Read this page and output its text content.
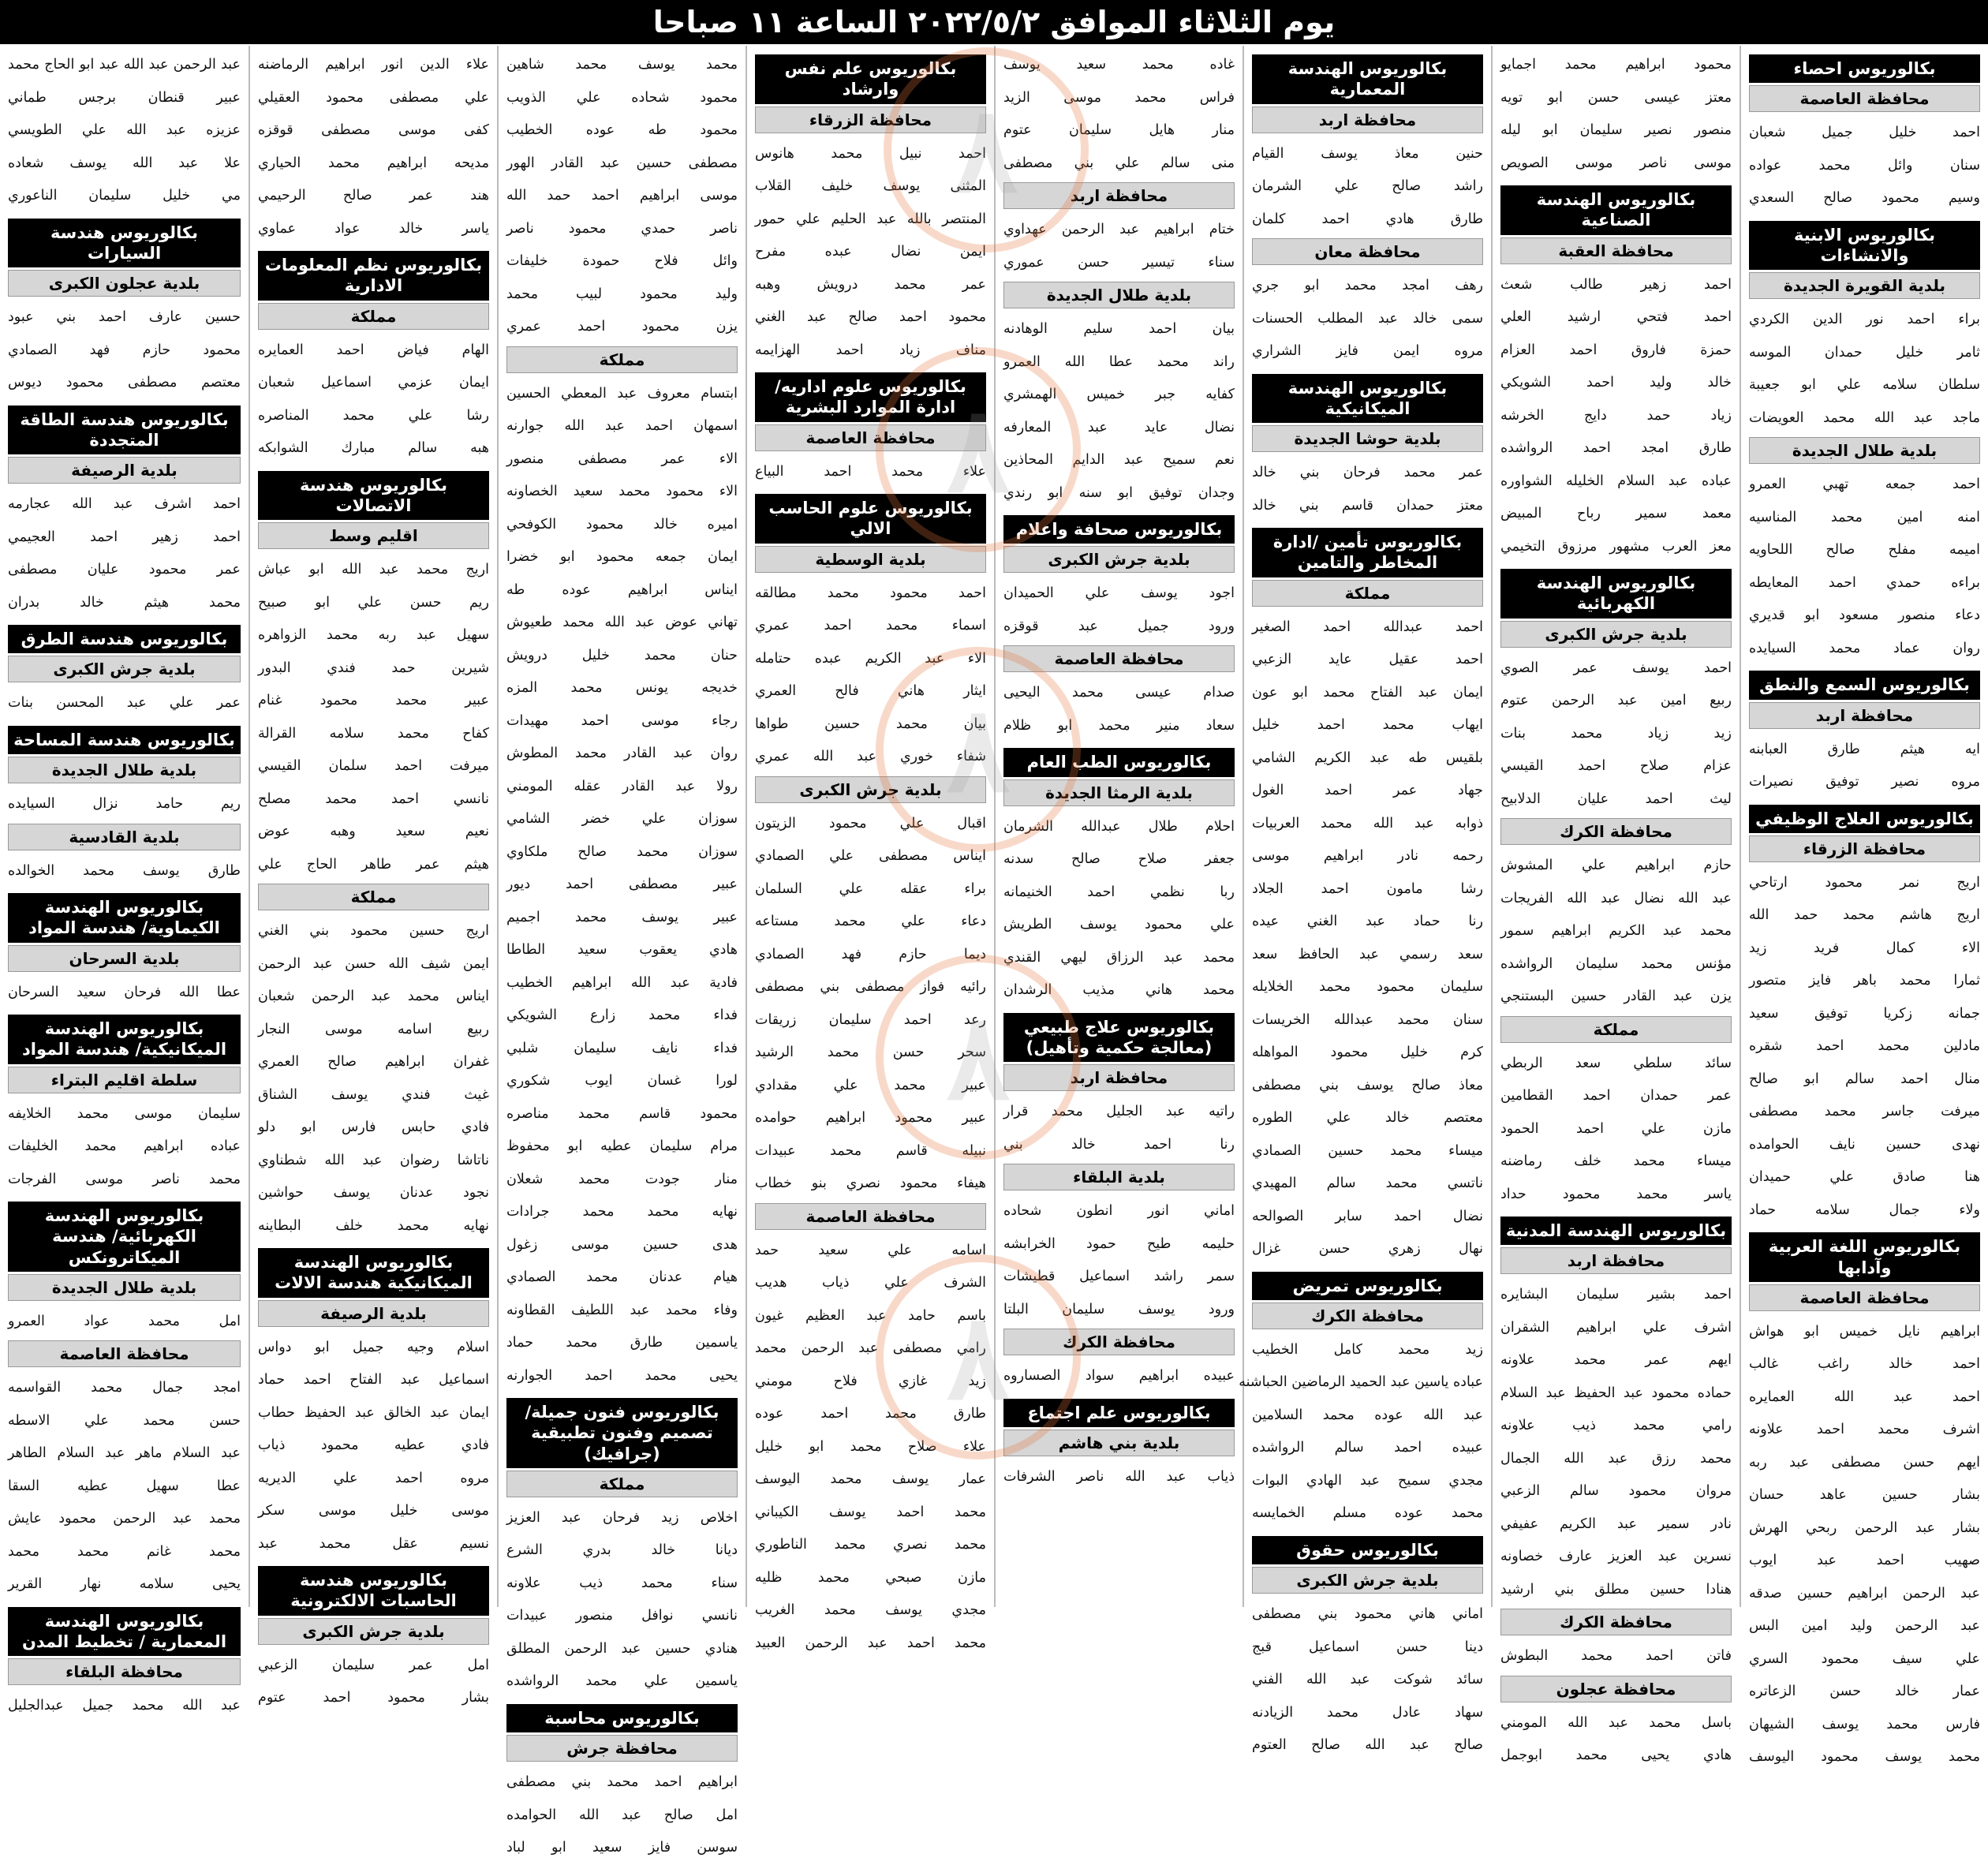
يوم الثلاثاء الموافق ٢٠٢٢/٥/٢ الساعة ١١ صباحا
بكالوريوس احصاء
محافظة العاصمة
احمد خليل جميل شعبان
سنان وائل محمد عواده
وسيم محمود صالح السعدي
بكالوريوس الابنية والانشاءات
بلدية القويرة الجديدة
براء احمد نور الدين الكردي
ثامر خليل حمدان الموسه
سلطان سلامه علي ابو جعيبة
ماجد عبد الله محمد العويضات
بلدية طلال الجديدة
احمد جمعه تهبي العمرو
امنه امين محمد المناسيه
اميمه مفلح صالح اللحاويه
براءه حمدي احمد المعايطه
دعاء منصور مسعود ابو قديري
روان عماد محمد السيايده
بكالوريوس السمع والنطق
محافظة اربد
ايه هيثم طارق العبابنه
مروه نصير توفيق نصيرات
بكالوريوس العلاج الوظيفي
محافظة الزرقاء
اريج نمر محمود ارتاحي
اريج هاشم محمد حمد الله
الاء كمال فريد زيد
ثمارا محمد باهر فايز متصور
جمانه زكريا توفيق سعيد
مادلين محمد احمد شقره
منال احمد سالم ابو صالح
ميرفت جاسر محمد مصطفى
نهدى حسين نايف الحوامده
هنا صادق علي حميدان
ولاء جمال سلامه حماد
بكالوريوس اللغة العربية وآدابها
محافظة العاصمة
ابراهيم نايل خميس ابو هواش
احمد خالد راغب غالب
احمد عبد الله العمايره
اشرف محمد احمد علاونه
ايهم حسن مصطفى عبد ربه
بشار حسين عاهد حسان
بشار عبد الرحمن ربحي الهرش
صهيب احمد عبد ايوب
عبد الرحمن ابراهيم حسين صدقه
عبد الرحمن وليد امين البس
علي سيف محمود السري
عمار خالد حسن الزعاتره
فارس محمد يوسف الشيهان
محمد يوسف محمود اليوسف
محمود ابراهيم محمد اجمايو
معتز عيسى حسن ابو تويه
منصور نصير سليمان ابو ليله
موسى ناصر موسى الصويص
بكالوريوس الهندسة الصناعية
محافظة العقبة
احمد زهير طالب شعث
احمد فتحي ارشيد العلي
حمزة فاروق احمد العزام
خالد وليد احمد الشويكي
زياد حمد دايج الخرشه
طارق امجد احمد الرواشده
عباده عبد السلام الخليله الشواوره
معمد سمير رباح المبيض
معز العرب مشهور مرزوق التخيمي
بكالوريوس الهندسة الكهربائية
بلدية جرش الكبرى
احمد يوسف عمر الصوي
ربيع امين عبد الرحمن عتوم
زيد زياد محمد بنات
عزام صلاح احمد القيسي
ليث احمد عليان الدلابيح
محافظة الكرك
حازم ابراهيم علي المشوش
عبد الله نضال عبد الله الفريجات
محمد عبد الكريم ابراهيم سمور
مؤنس محمد سليمان الرواشده
يزن عبد القادر حسين البستنجي
مملكة
سائد سلطي سعد الربطي
عمر حمدان احمد القطامين
مازن علي احمد الحمود
ميساء محمد خلف رماضنه
ياسر محمد محمود حداد
بكالوريوس الهندسة المدنية
محافظة اربد
احمد بشير سليمان البشايره
اشرف علي ابراهيم الشقران
ايهم عمر محمد علاونه
حماده محمود عبد الحفيظ عبد السلام
رامي محمد ذيب علاونه
محمد رزق عبد الله الجمال
مروان محمود سالم الزعبي
نادر سمير عبد الكريم عفيفي
نسرين عبد العزيز عارف خصاونه
هنادا حسين مطلق بني ارشيد
محافظة الكرك
فاتن احمد محمد البطوش
محافظة عجلون
باسل محمد عبد الله المومني
هادي يحيى محمد ابوجمل
بكالوريوس الهندسة المعمارية
محافظة اربد
حنين معاذ يوسف القيام
راشد صالح علي الشرمان
طارق هادي احمد كلمان
محافظة معان
رهف امجد محمد ابو جري
سمى خالد عبد المطلب الحسنات
مروه ايمن فايز الشراري
بكالوريوس الهندسة الميكانيكية
بلدية حوشا الجديدة
عمر محمد فرحان بني خالد
معتز حمدان قاسم بني خالد
بكالوريوس تأمين /ادارة المخاطر والتامين
مملكة
احمد عبدالله احمد الصغير
احمد عقيل عايد الزعبي
ايمان عبد الفتاح محمد ابو عون
ايهاب محمد احمد خليل
بلقيس طه عبد الكريم الشامي
جهاد عمر احمد الغول
ذوابه عبد الله محمد العربيات
رحمه نادر ابراهيم موسى
رشا مامون احمد الجلاد
رنا حماد عبد الغني عيده
سعد رسمي عبد الحافظ سعد
سليمان محمود محمد الخلايله
سنان محمد عبدالله الخريسات
كرم خليل محمود المواهله
معاذ صالح يوسف بني مصطفى
معتصم خالد علي الطوره
ميساء محمد حسين الصمادي
ناتسي محمد سالم المهيدي
نضال احمد سابر الصوالحه
نهال زهري حسن غزال
بكالوريوس تمريض
محافظة الكرك
زيد محمد كامل الخطيب
عباده ياسين عبد الحميد الرماضين الحباشنه
عبد الله عوده محمد السلامين
عبيده احمد سالم الرواشده
مجدي سميح عبد الهادي البوات
محمد عوده مسلم الخمايسه
بكالوريوس حقوق
بلدية جرش الكبرى
اماني هاني محمود بني مصطفى
دينا حسن اسماعيل قبج
سائد شوكت عبد الله الفني
سهاد عادل محمد الزيادنه
صالح عبد الله صالح العتوم
غاده محمد سعيد يوسف
فراس محمد موسى الزيد
منار هايل سليمان عتوم
منى سالم علي بني مصطفى
محافظة اربد
ختام ابراهيم عبد الرحمن عهداوي
سناء تيسير حسن عموري
بلدية طلال الجديدة
بيان احمد سليم الوهادنه
راند محمد عطا الله العمرو
كفايه جبر خميس الهمشري
نضال عايد عبد المعارفه
نعم سميح عبد الدايم المحاذين
وجدان توفيق ابو سنه ابو رندي
بكالوريوس صحافة واعلام
بلدية جرش الكبرى
اجود يوسف علي الحميدان
ورود جميل عبد قوقزه
محافظة العاصمة
صدام عيسى محمد اليحيى
سعاد منير محمد ابو ظلام
بكالوريوس الطب العام
بلدية الرمثا الجديدة
احلام طلال عبدالله الشرمان
جعفر صلاح صالح سدنه
ربا نظمي احمد الخنيمانه
علي محمود يوسف الطريش
محمد عبد الرزاق ليهي القندي
محمد هاني مذيب الرشدان
بكالوريوس علاج طبيعي (معالجة حكمية وتأهيل)
محافظة اربد
راتيه عبد الجليل محمد قرار
رنا احمد خالد بني
بلدية البلقاء
اماني انور انطون شحاده
حليمه طيح حمود الخرابشه
سمر راشد اسماعيل قطيشات
ورود يوسف سليمان البلتا
محافظة الكرك
عبيده ابراهيم سواد الصساروه
بكالوريوس علم اجتماع
بلدية بني هاشم
ذياب عبد الله ناصر الشرفات
بكالوريوس علم نفس وارشاد
محافظة الزرقاء
احمد نبيل محمد هانوس
المثنى يوسف خليف القلاب
المنتصر بالله عبد الحليم علي حمور
ايمن نضال عبده مفرح
عمر محمد درويش وهبه
محمود احمد صالح عبد الغني
مناف زياد احمد الهزايمه
بكالوريوس علوم اداريه/ادارة الموارد البشرية
محافظة العاصمة
علاء محمد احمد البياع
بكالوريوس علوم الحاسب الالي
بلدية الوسطية
احمد محمود محمد مطالقه
اسماء محمد احمد عمري
الاء عبد الكريم عبده حتامله
ايثار هاني فالح العمري
بيان محمد حسين طواها
شفاء خوري عبد الله عمري
بلدية جرش الكبرى
اقبال علي محمود الزيتون
ايناس مصطفى علي الصمادي
براء عقله علي السلمان
دعاء علي محمد مستاعه
ديما حازم فهد الصمادي
رائيه فواز مصطفى بني مصطفى
رعد احمد سليمان زريقات
سحر حسن محمد الرشيد
عبير محمد علي مقدادي
عبير محمود ابراهيم حوامده
نبيله قاسم محمد عبيدات
هيفاء محمود نصري بنو خطاب
محافظة العاصمة
اسامه علي سعيد حمد
الشرف علي ذياب هديب
باسم حامد عبد العظيم غيون
رامي مصطفى عبد الرحمن محمد
زيد غازي فلاح مومني
طارق محمد احمد عوده
علاء صلاح محمد ابو خليل
عمار يوسف محمد اليوسف
محمد احمد يوسف الكيباني
محمد نصري محمد الناطوري
مازن صبحي محمد ظليه
مجدي يوسف محمد الغريب
محمد احمد عبد الرحمن العبيد
محمد يوسف محمد شاهين
محمود شحاده علي الذويب
محمود طه عوده الخطيب
مصطفى حسين عبد القادر الهور
موسى ابراهيم احمد حمد الله
ناصر حمدي محمود ناصر
وائل فلاح حمودة خليفات
وليد محمود لبيب محمد
يزن محمود احمد عمري
مملكة
ابتسام معروف عبد المعطي الحسين
اسمهان احمد عبد الله جوارنه
الاء عمر مصطفى منصور
الاء محمود محمد سعيد الخصاونه
اميره خالد محمود الكوفحي
ايمان جمعه محمود ابو خضرا
ايناس ابراهيم عوده طه
تهاني عوض عبد الله محمد طعيوش
حنان محمد خليل درويش
خديجه يونس محمد المزه
رجاء موسى احمد مهيدات
روان عبد القادر محمد المطوش
رولا عبد القادر عقله المومني
سوزان علي خضر الشامي
سوزان محمد صالح ملكاوي
عبير مصطفى احمد ديور
عبير يوسف محمد اجميم
هادي يعقوب سعيد الطاطا
فادية عبد الله ابراهيم الخطيب
فداء محمد زارع الشويكي
فداء نايف سليمان شلبي
لورا غسان ايوب شكوري
محمود قاسم محمد مناصره
مرام سليمان عطيه ابو محفوظ
منار جودت محمد شعلان
نهايه محمد محمد جرادات
هدى حسين موسى زغول
هيام عدنان محمد الصمادي
وفاء محمد عبد اللطيف القطاونه
ياسمين طارق محمد حماد
يحيى محمد احمد الجوارنه
بكالوريوس فنون جميلة/تصميم وفنون تطبيقية (جرافيك)
مملكة
اخلاص زيد فرحان عبد العزيز
ديانا خالد بدري الشرع
سناء محمد ذيب علاونه
نانسي نوافل منصور عبيدات
هنادي حسين عبد الرحمن المطلق
ياسمين علي محمد الرواشده
بكالوريوس محاسبة
محافظة جرش
ابراهيم احمد محمد بني مصطفى
امل صالح عبد الله الحوامده
سوسن فايز سعيد ابو لباد
علاء الدين انور ابراهيم الرماضنه
علي مصطفى محمود العقيلي
كفى موسى مصطفى قوقزه
مديحه ابراهيم محمد الحياري
هند عمر صالح الرحيمي
ياسر خالد عواد عماوي
بكالوريوس نظم المعلومات الادارية
مملكة
الهام فياض احمد العمايره
ايمان عزمي اسماعيل شعبان
رشا علي محمد المناصره
هبه سالم مبارك الشوابكه
بكالوريوس هندسة الاتصالات
اقليم وسط
اريج محمد عبد الله ابو عباش
ريم حسن علي ابو صبيح
سهيل عبد ربه محمد الزواهره
شيرين حمد فندي البدور
عبير محمد محمود غنام
كفاح محمد سلامه القرالة
ميرفت احمد سلمان القيسي
نانسي احمد محمد مصلح
نعيم سعيد وهبه عوض
هيثم عمر طاهر الحاج علي
مملكة
اريج حسين محمود بني الغني
ايمن شيف الله حسن عبد الرحمن
ايناس محمد عبد الرحمن شعبان
ربيع اسامه موسى النجار
غفران ابراهيم صالح العمري
غيث فندي يوسف الشناق
فادي حابس فارس ابو دلو
ناتاشا رضوان عبد الله شطناوي
نجود عدنان يوسف حواشين
نهايه محمد خلف البطاينه
بكالوريوس الهندسة الميكانيكية هندسة الالات
بلدية الرصيفة
اسلام وجيه جميل ابو دواس
اسماعيل عبد الفتاح احمد حماد
ايمان عبد الخالق عبد الحفيظ حطاب
فادي عطيه محمود ذياب
مروه احمد علي الديريه
موسى خليل موسى سكر
نسيم عقل محمد عبد
بكالوريوس هندسة الحاسبات الالكترونية
بلدية جرش الكبرى
امل عمر سليمان الزعبي
بشار محمود احمد عتوم
عبد الرحمن عبد الله عبد ابو الحاج محمد
عبير قنطان برجس طماني
عزيزه عبد الله علي الطويسي
علا عبد الله يوسف شعاده
مي خليل سليمان الناعوري
بكالوريوس هندسة السيارات
بلدية عجلون الكبرى
حسين عارف احمد بني عبود
محمود حازم فهد الصمادي
معتصم مصطفى محمود ديوس
بكالوريوس هندسة الطاقة المتجددة
بلدية الرصيفة
احمد اشرف عبد الله عجارمه
احمد زهير احمد العجيمي
عمر محمود عليان مصطفى
محمد هيثم خالد بدران
بكالوريوس هندسة الطرق
بلدية جرش الكبرى
عمر علي عبد المحسن بنات
بكالوريوس هندسة المساحة
بلدية طلال الجديدة
ريم حامد نزال السيايده
بلدية القادسية
طارق يوسف محمد الخوالده
بكالوريوس الهندسة الكيماوية/ هندسة المواد
بلدية السرحان
عطا الله فرحان سعيد السرحان
بكالوريوس الهندسة الميكانيكية/ هندسة المواد
سلطة اقليم البتراء
سليمان موسى محمد الخلايفه
عباده ابراهيم محمد الخليفات
محمد ناصر موسى الفرجات
بكالوريوس الهندسة الكهربائية/ هندسة الميكاترونكس
بلدية طلال الجديدة
امل محمد عواد العمرو
محافظة العاصمة
امجد جمال محمد القواسمه
حسن محمد علي الاسطه
عبد السلام ماهر عبد السلام الطاهر
عطا سهيل عطيه السقا
محمد عبد الرحمن محمود عايش
محمد غانم محمد محمد
يحيى سلامه نهار القرير
بكالوريوس الهندسة المعمارية / تخطيط المدن
محافظة البلقاء
عبد الله محمد جميل عبدالجليل
٨
٨
٨
٨
٨
